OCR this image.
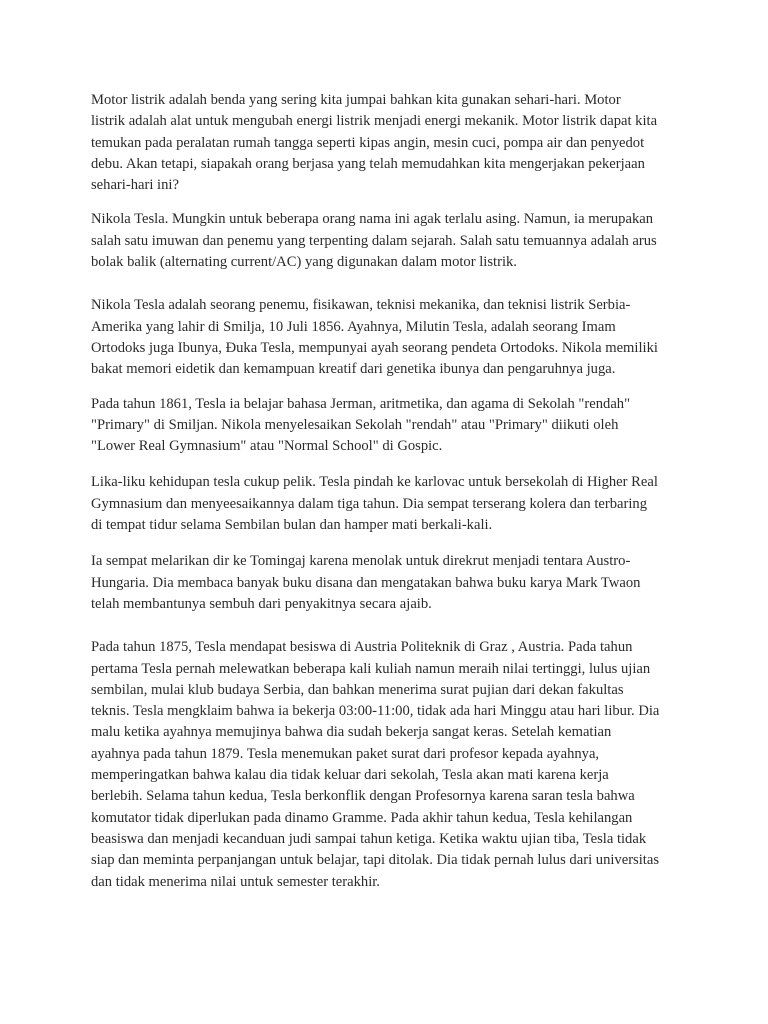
Motor listrik adalah benda yang sering kita jumpai bahkan kita gunakan sehari-hari. Motor
listrik adalah alat untuk mengubah energi listrik menjadi energi mekanik. Motor listrik dapat kita
temukan pada peralatan rumah tangga seperti kipas angin, mesin cuci, pompa air dan penyedot
debu. Akan tetapi, siapakah orang berjasa yang telah memudahkan kita mengerjakan pekerjaan
sehari-hari ini?

Nikola Tesla. Mungkin untuk beberapa orang nama ini agak terlalu asing. Namun, ia merupakan
salah satu imuwan dan penemu yang terpenting dalam sejarah. Salah satu temuannya adalah arus
bolak balik (alternating current/AC) yang digunakan dalam motor listrik.

Nikola Tesla adalah seorang penemu, fisikawan, teknisi mekanika, dan teknisi listrik Serbia-
Amerika yang lahir di Smilja, 10 Juli 1856. Ayahnya, Milutin Tesla, adalah seorang Imam
Ortodoks juga Ibunya, Đuka Tesla, mempunyai ayah seorang pendeta Ortodoks. Nikola memiliki
bakat memori eidetik dan kemampuan kreatif dari genetika ibunya dan pengaruhnya juga.

Pada tahun 1861, Tesla ia belajar bahasa Jerman, aritmetika, dan agama di Sekolah "rendah"
"Primary" di Smiljan. Nikola menyelesaikan Sekolah "rendah" atau "Primary" diikuti oleh
"Lower Real Gymnasium" atau "Normal School" di Gospic.

Lika-liku kehidupan tesla cukup pelik. Tesla pindah ke karlovac untuk bersekolah di Higher Real
Gymnasium dan menyeesaikannya dalam tiga tahun. Dia sempat terserang kolera dan terbaring
di tempat tidur selama Sembilan bulan dan hamper mati berkali-kali.

Ia sempat melarikan dir ke Tomingaj karena menolak untuk direkrut menjadi tentara Austro-
Hungaria. Dia membaca banyak buku disana dan mengatakan bahwa buku karya Mark Twaon
telah membantunya sembuh dari penyakitnya secara ajaib.

Pada tahun 1875, Tesla mendapat besiswa di Austria Politeknik di Graz , Austria. Pada tahun
pertama Tesla pernah melewatkan beberapa kali kuliah namun meraih nilai tertinggi, lulus ujian
sembilan, mulai klub budaya Serbia, dan bahkan menerima surat pujian dari dekan fakultas
teknis. Tesla mengklaim bahwa ia bekerja 03:00-11:00, tidak ada hari Minggu atau hari libur. Dia
malu ketika ayahnya memujinya bahwa dia sudah bekerja sangat keras. Setelah kematian
ayahnya pada tahun 1879. Tesla menemukan paket surat dari profesor kepada ayahnya,
memperingatkan bahwa kalau dia tidak keluar dari sekolah, Tesla akan mati karena kerja
berlebih. Selama tahun kedua, Tesla berkonflik dengan Profesornya karena saran tesla bahwa
komutator tidak diperlukan pada dinamo Gramme. Pada akhir tahun kedua, Tesla kehilangan
beasiswa dan menjadi kecanduan judi sampai tahun ketiga. Ketika waktu ujian tiba, Tesla tidak
siap dan meminta perpanjangan untuk belajar, tapi ditolak. Dia tidak pernah lulus dari universitas
dan tidak menerima nilai untuk semester terakhir.
